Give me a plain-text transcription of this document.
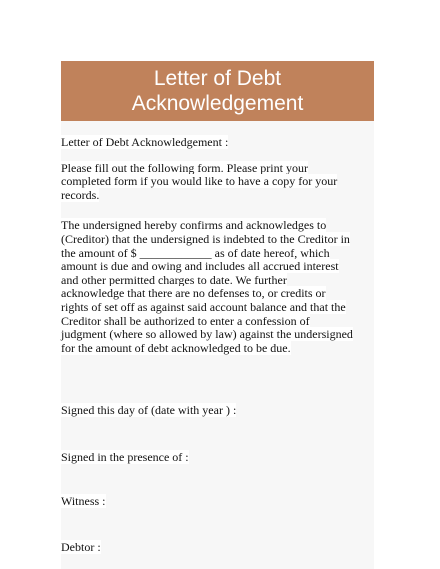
Letter of Debt
Acknowledgement

Letter of Debt Acknowledgement :

Please fill out the following form. Please print your
completed form if you would like to have a copy for your
records.

The undersigned hereby confirms and acknowledges to
(Creditor) that the undersigned is indebted to the Creditor in
the amount of $ ____________ as of date hereof, which
amount is due and owing and includes all accrued interest
and other permitted charges to date. We further
acknowledge that there are no defenses to, or credits or
rights of set off as against said account balance and that the
Creditor shall be authorized to enter a confession of
judgment (where so allowed by law) against the undersigned
for the amount of debt acknowledged to be due.

Signed this day of (date with year ) :

Signed in the presence of :

Witness :

Debtor :
